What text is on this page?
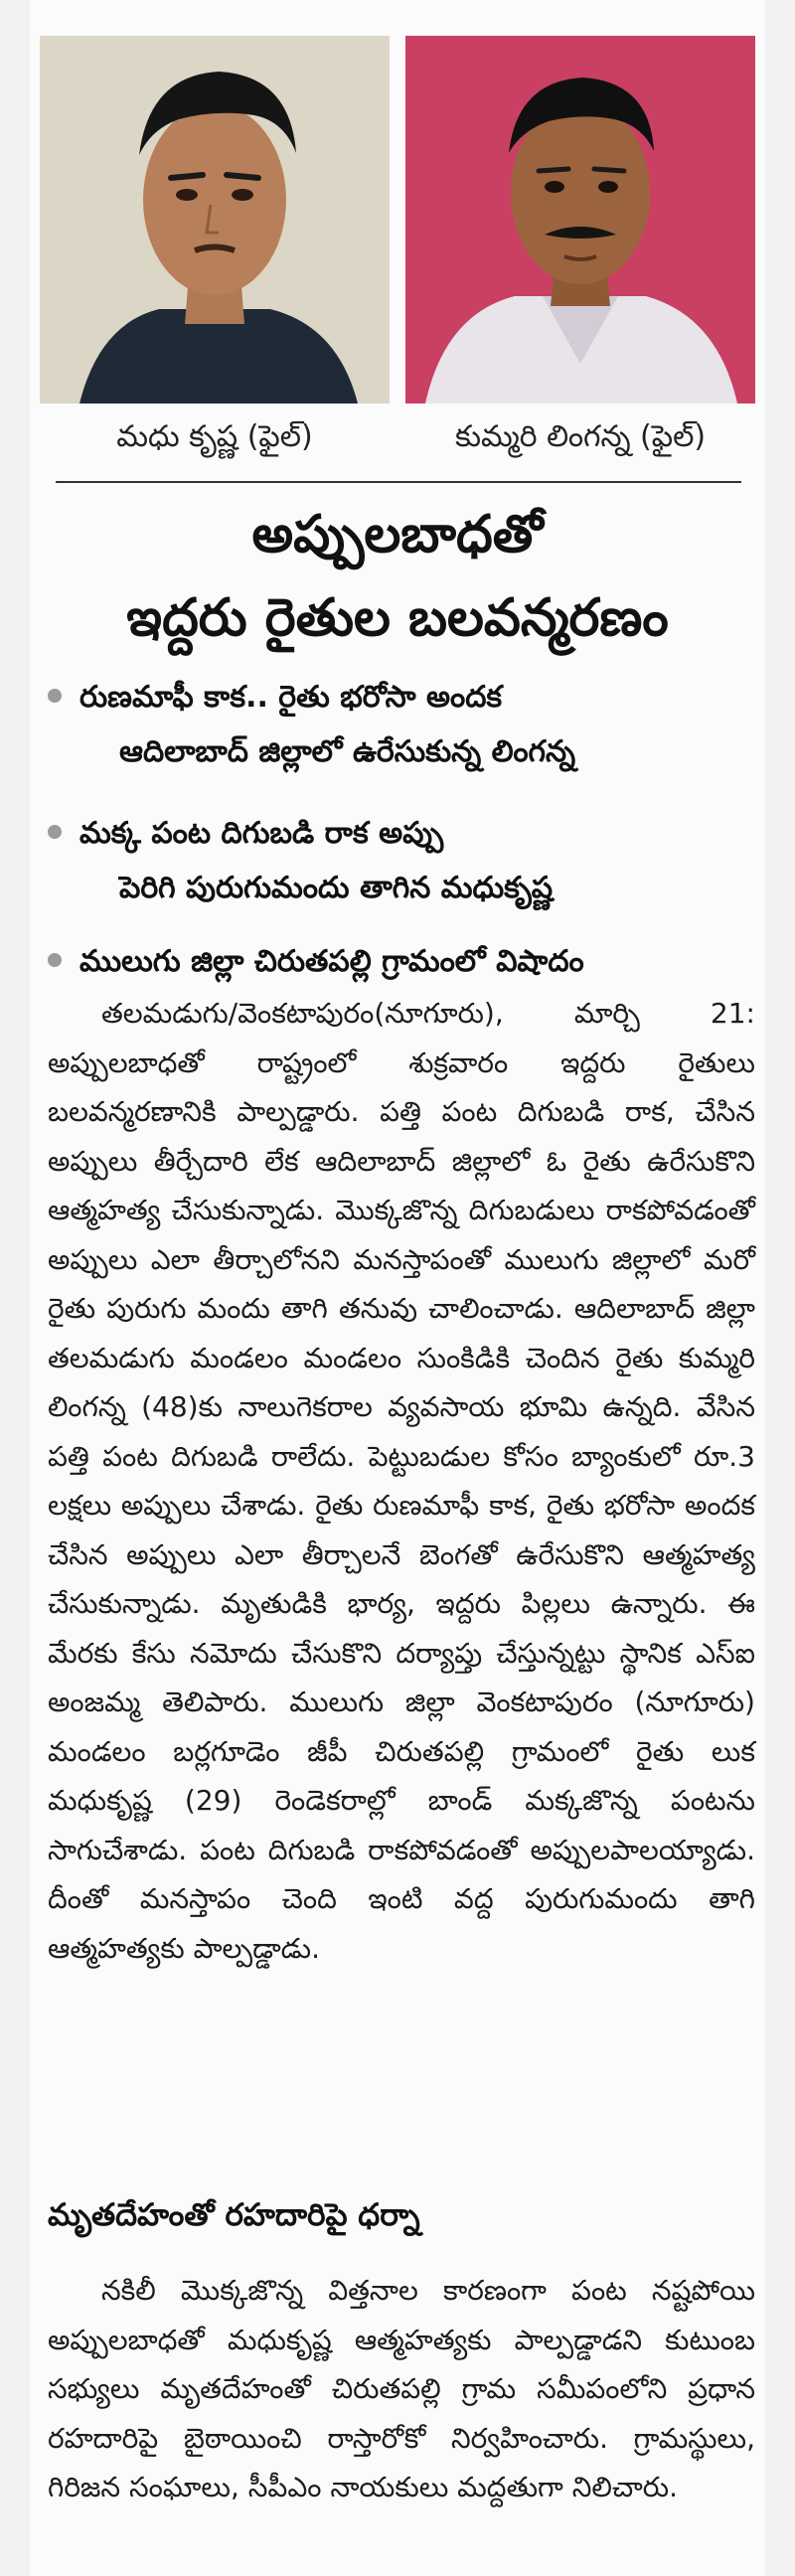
మధు కృష్ణ (ఫైల్)	కుమ్మరి లింగన్న (ఫైల్)
అప్పులబాధతో
ఇద్దరు రైతుల బలవన్మరణం
రుణమాఫీ కాక.. రైతు భరోసా అందక
ఆదిలాబాద్ జిల్లాలో ఉరేసుకున్న లింగన్న
మక్క పంట దిగుబడి రాక అప్పు
పెరిగి పురుగుమందు తాగిన మధుకృష్ణ
ములుగు జిల్లా చిరుతపల్లి గ్రామంలో విషాదం

తలమడుగు/వెంకటాపురం(నూగూరు), మార్చి 21: అప్పులబాధతో రాష్ట్రంలో శుక్రవారం ఇద్దరు రైతులు బలవన్మరణానికి పాల్పడ్డారు. పత్తి పంట దిగుబడి రాక, చేసిన అప్పులు తీర్చేదారి లేక ఆదిలాబాద్ జిల్లాలో ఓ రైతు ఉరేసుకొని ఆత్మహత్య చేసుకున్నాడు. మొక్కజొన్న దిగుబడులు రాకపోవడంతో అప్పులు ఎలా తీర్చాలోనని మనస్తాపంతో ములుగు జిల్లాలో మరో రైతు పురుగు మందు తాగి తనువు చాలించాడు. ఆదిలాబాద్ జిల్లా తలమడుగు మండలం మండలం సుంకిడికి చెందిన రైతు కుమ్మరి లింగన్న (48)కు నాలుగెకరాల వ్యవసాయ భూమి ఉన్నది. వేసిన పత్తి పంట దిగుబడి రాలేదు. పెట్టుబడుల కోసం బ్యాంకులో రూ.3 లక్షలు అప్పులు చేశాడు. రైతు రుణమాఫీ కాక, రైతు భరోసా అందక చేసిన అప్పులు ఎలా తీర్చాలనే బెంగతో ఉరేసుకొని ఆత్మహత్య చేసుకున్నాడు. మృతుడికి భార్య, ఇద్దరు పిల్లలు ఉన్నారు. ఈ మేరకు కేసు నమోదు చేసుకొని దర్యాప్తు చేస్తున్నట్టు స్థానిక ఎస్ఐ అంజమ్మ తెలిపారు. ములుగు జిల్లా వెంకటాపురం (నూగూరు) మండలం బర్లగూడెం జీపీ చిరుతపల్లి గ్రామంలో రైతు లుక మధుకృష్ణ (29) రెండెకరాల్లో బాండ్ మక్కజొన్న పంటను సాగుచేశాడు. పంట దిగుబడి రాకపోవడంతో అప్పులపాలయ్యాడు. దీంతో మనస్తాపం చెంది ఇంటి వద్ద పురుగుమందు తాగి ఆత్మహత్యకు పాల్పడ్డాడు.

మృతదేహంతో రహదారిపై ధర్నా

నకిలీ మొక్కజొన్న విత్తనాల కారణంగా పంట నష్టపోయి అప్పులబాధతో మధుకృష్ణ ఆత్మహత్యకు పాల్పడ్డాడని కుటుంబ సభ్యులు మృతదేహంతో చిరుతపల్లి గ్రామ సమీపంలోని ప్రధాన రహదారిపై బైఠాయించి రాస్తారోకో నిర్వహించారు. గ్రామస్థులు, గిరిజన సంఘాలు, సీపీఎం నాయకులు మద్దతుగా నిలిచారు.
